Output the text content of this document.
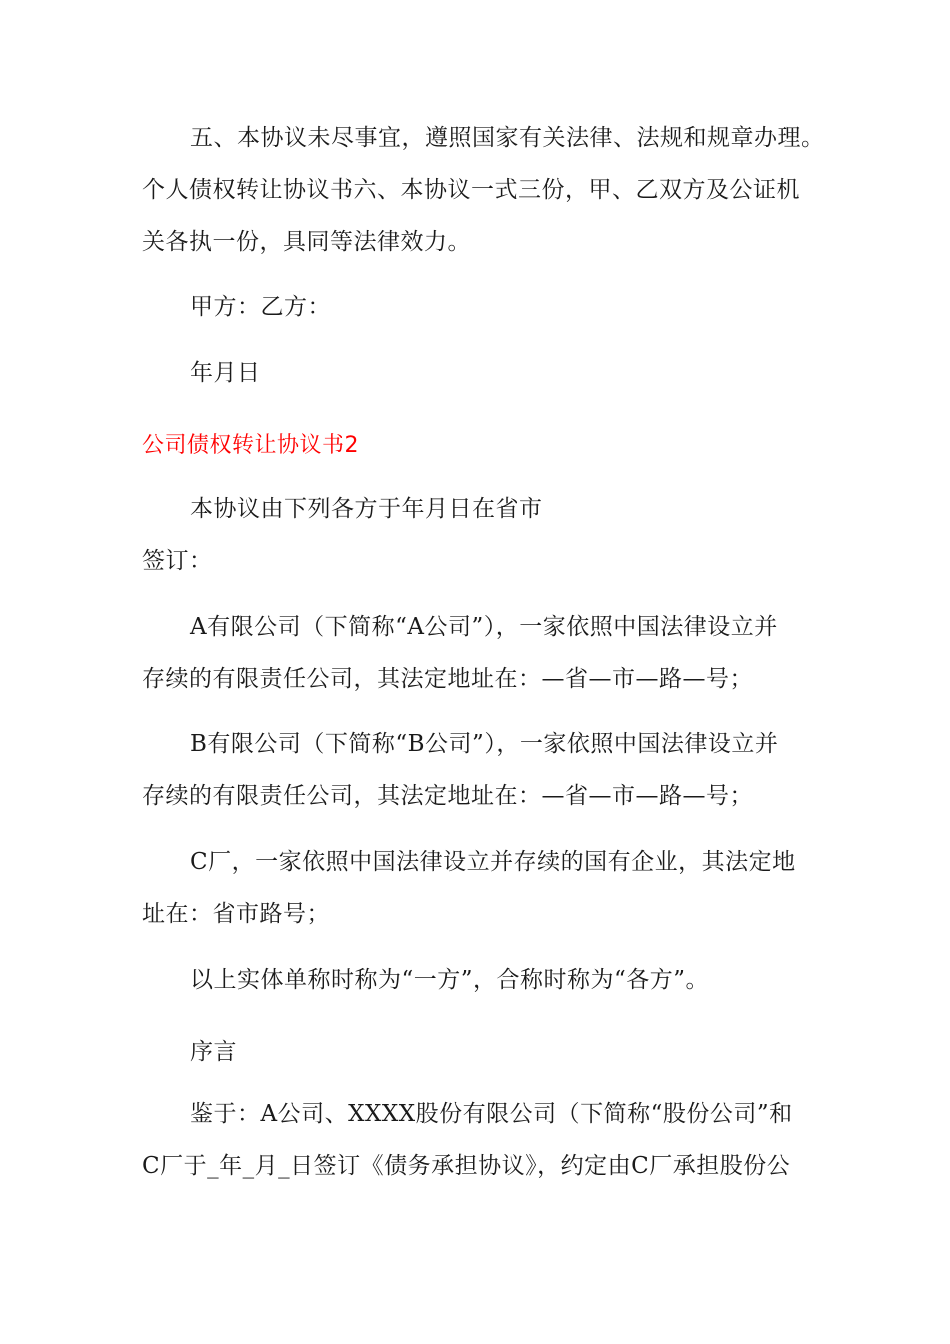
五、本协议未尽事宜，遵照国家有关法律、法规和规章办理。
个人债权转让协议书六、本协议一式三份，甲、乙双方及公证机
关各执一份，具同等法律效力。
甲方：乙方：
年月日
公司债权转让协议书2
本协议由下列各方于年月日在省市
签订：
A有限公司（下简称“A公司”），一家依照中国法律设立并
存续的有限责任公司，其法定地址在：—省—市—路—号；
B有限公司（下简称“B公司”），一家依照中国法律设立并
存续的有限责任公司，其法定地址在：—省—市—路—号；
C厂，一家依照中国法律设立并存续的国有企业，其法定地
址在：省市路号；
以上实体单称时称为“一方”，合称时称为“各方”。
序言
鉴于：A公司、XXXX股份有限公司（下简称“股份公司”和
C厂于_年_月_日签订《债务承担协议》，约定由C厂承担股份公
